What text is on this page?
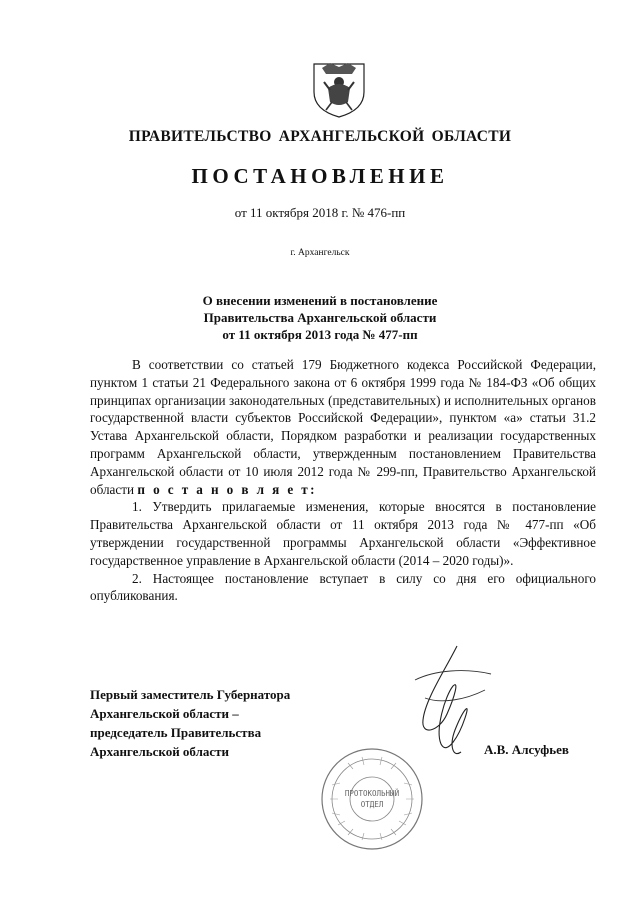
ПРАВИТЕЛЬСТВО АРХАНГЕЛЬСКОЙ ОБЛАСТИ
ПОСТАНОВЛЕНИЕ
от 11 октября 2018 г. № 476-пп
г. Архангельск
О внесении изменений в постановление
Правительства Архангельской области
от 11 октября 2013 года № 477-пп

В соответствии со статьей 179 Бюджетного кодекса Российской Федерации, пунктом 1 статьи 21 Федерального закона от 6 октября 1999 года № 184-ФЗ «Об общих принципах организации законодательных (представительных) и исполнительных органов государственной власти субъектов Российской Федерации», пунктом «а» статьи 31.2 Устава Архангельской области, Порядком разработки и реализации государственных программ Архангельской области, утвержденным постановлением Правительства Архангельской области от 10 июля 2012 года № 299-пп, Правительство Архангельской области п о с т а н о в л я е т:

1. Утвердить прилагаемые изменения, которые вносятся в постановление Правительства Архангельской области от 11 октября 2013 года № 477-пп «Об утверждении государственной программы Архангельской области «Эффективное государственное управление в Архангельской области (2014 – 2020 годы)».

2. Настоящее постановление вступает в силу со дня его официального опубликования.

ПРОТОКОЛЬНЫЙ
ОТДЕЛ
Первый заместитель Губернатора
Архангельской области –
председатель Правительства
Архангельской области	А.В. Алсуфьев
